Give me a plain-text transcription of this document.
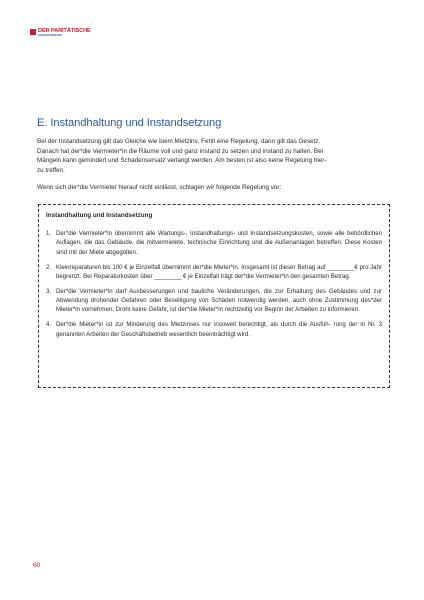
DER PARITÄTISCHE
GESAMTVERBAND
E. Instandhaltung und Instandsetzung

Bei der Instandsetzung gilt das Gleiche wie beim Mietzins. Fehlt eine Regelung, dann gilt das Gesetz.

Danach hat der*die Vermieter*in die Räume voll und ganz instand zu setzen und instand zu halten. Bei

Mängeln kann gemindert und Schadensersatz verlangt werden. Am besten ist also keine Regelung hier-

zu treffen.

Wenn sich der*die Vermieter hierauf nicht einlässt, schlagen wir folgende Regelung vor:

Instandhaltung und Instandsetzung

1. Der*die Vermieter*in übernimmt alle Wartungs-, Instandhaltungs- und Instandsetzungskosten, sowie alle behördlichen Auflagen, die das Gebäude, die mitvermietete, technische Einrichtung und die Außenanlagen betreffen. Diese Kosten sind mit der Miete abgegolten.
2. Kleinreparaturen bis 100 € je Einzelfall übernimmt der*die Mieter*in. Insgesamt ist dieser Betrag auf ________€ pro Jahr begrenzt. Bei Reparaturkosten über ________ € je Einzelfall trägt der*die Vermieter*in den gesamten Betrag.
3. Der*die Vermieter*in darf Ausbesserungen und bauliche Veränderungen, die zur Erhaltung des Gebäudes und zur Abwendung drohender Gefahren oder Beseitigung von Schäden notwendig werden, auch ohne Zustimmung des*der Mieter*in vornehmen. Droht keine Gefahr, ist der*die Mieter*in rechtzeitig vor Beginn der Arbeiten zu informieren.
4. Der*die Mieter*in ist zur Minderung des Mietzinses nur insoweit berechtigt, als durch die Ausfüh- rung der in Nr. 3 genannten Arbeiten der Geschäftsbetrieb wesentlich beeinträchtigt wird.
60
